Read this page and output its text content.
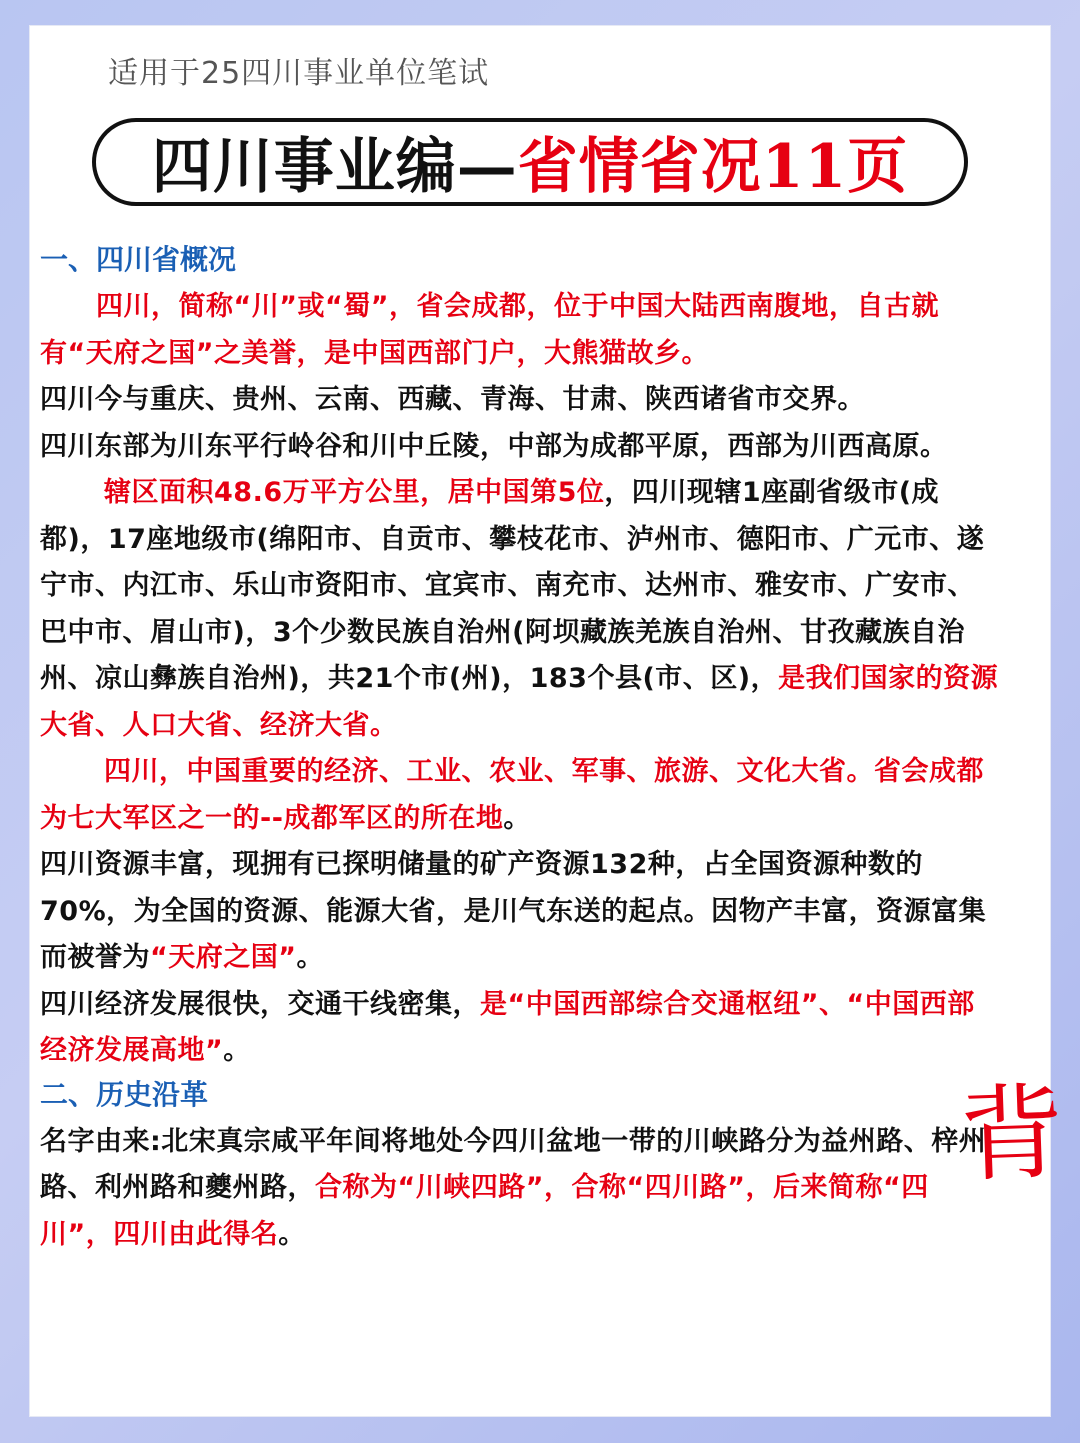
适用于25四川事业单位笔试
四川事业编—省情省况11页
一、四川省概况

四川，简称“川”或“蜀”，省会成都，位于中国大陆西南腹地，自古就有“天府之国”之美誉，是中国西部门户，大熊猫故乡。

四川今与重庆、贵州、云南、西藏、青海、甘肃、陕西诸省市交界。

四川东部为川东平行岭谷和川中丘陵，中部为成都平原，西部为川西高原。

辖区面积48.6万平方公里，居中国第5位，四川现辖1座副省级市(成都)，17座地级市(绵阳市、自贡市、攀枝花市、泸州市、德阳市、广元市、遂宁市、内江市、乐山市资阳市、宜宾市、南充市、达州市、雅安市、广安市、巴中市、眉山市)，3个少数民族自治州(阿坝藏族羌族自治州、甘孜藏族自治州、凉山彝族自治州)，共21个市(州)，183个县(市、区)，是我们国家的资源大省、人口大省、经济大省。

四川，中国重要的经济、工业、农业、军事、旅游、文化大省。省会成都为七大军区之一的--成都军区的所在地。

四川资源丰富，现拥有已探明储量的矿产资源132种，占全国资源种数的70%，为全国的资源、能源大省，是川气东送的起点。因物产丰富，资源富集而被誉为“天府之国”。

四川经济发展很快，交通干线密集，是“中国西部综合交通枢纽”、“中国西部经济发展高地”。

二、历史沿革

名字由来:北宋真宗咸平年间将地处今四川盆地一带的川峡路分为益州路、梓州路、利州路和夔州路，合称为“川峡四路”，合称“四川路”，后来简称“四川”，四川由此得名。

背
